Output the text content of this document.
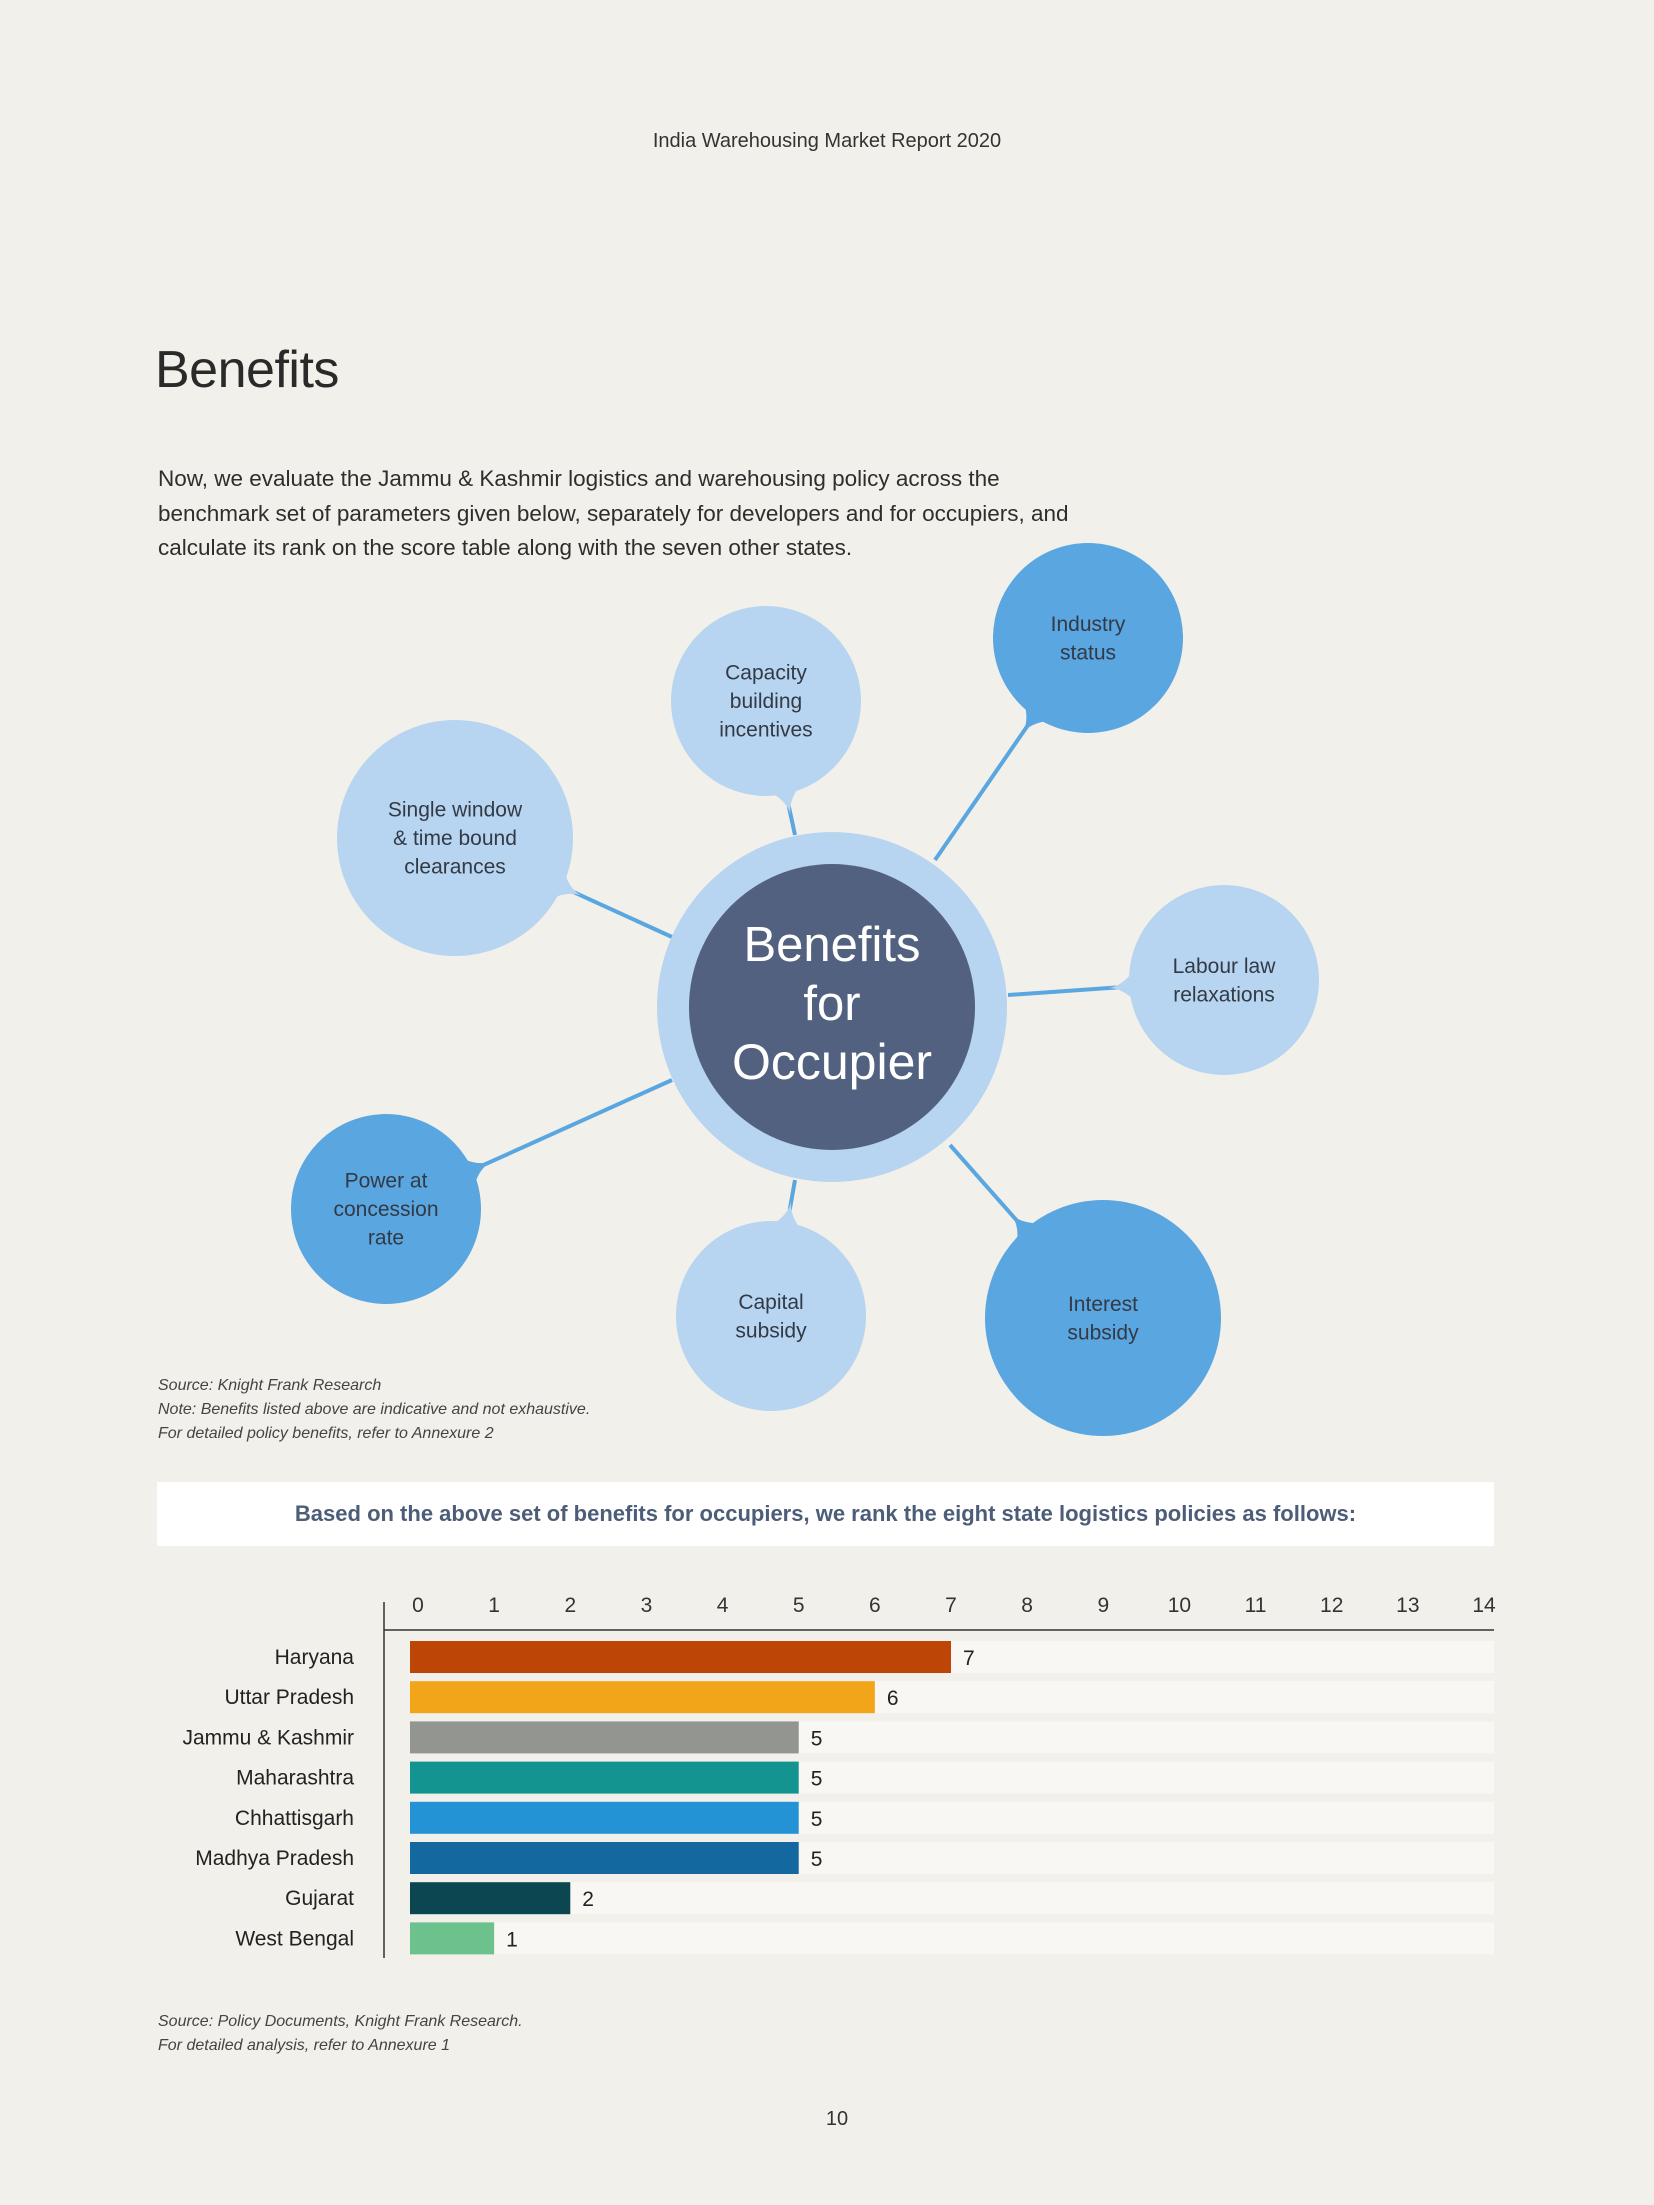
India Warehousing Market Report 2020
Benefits

Now, we evaluate the Jammu & Kashmir logistics and warehousing policy across the benchmark set of parameters given below, separately for developers and for occupiers, and calculate its rank on the score table along with the seven other states.

Capacity
building
incentives
Industry
status
Single window
& time bound
clearances
Labour law
relaxations
Power at
concession
rate
Capital
subsidy
Interest
subsidy
Benefits
for
Occupier
Source: Knight Frank Research
Note: Benefits listed above are indicative and not exhaustive.
For detailed policy benefits, refer to Annexure 2
Based on the above set of benefits for occupiers, we rank the eight state logistics policies as follows:
0	1	2	3	4	5	6	7	8	9	10	11	12	13	14
Haryana	7
Uttar Pradesh	6
Jammu & Kashmir	5
Maharashtra	5
Chhattisgarh	5
Madhya Pradesh	5
Gujarat	2
West Bengal	1
Source: Policy Documents, Knight Frank Research.
For detailed analysis, refer to Annexure 1
10
